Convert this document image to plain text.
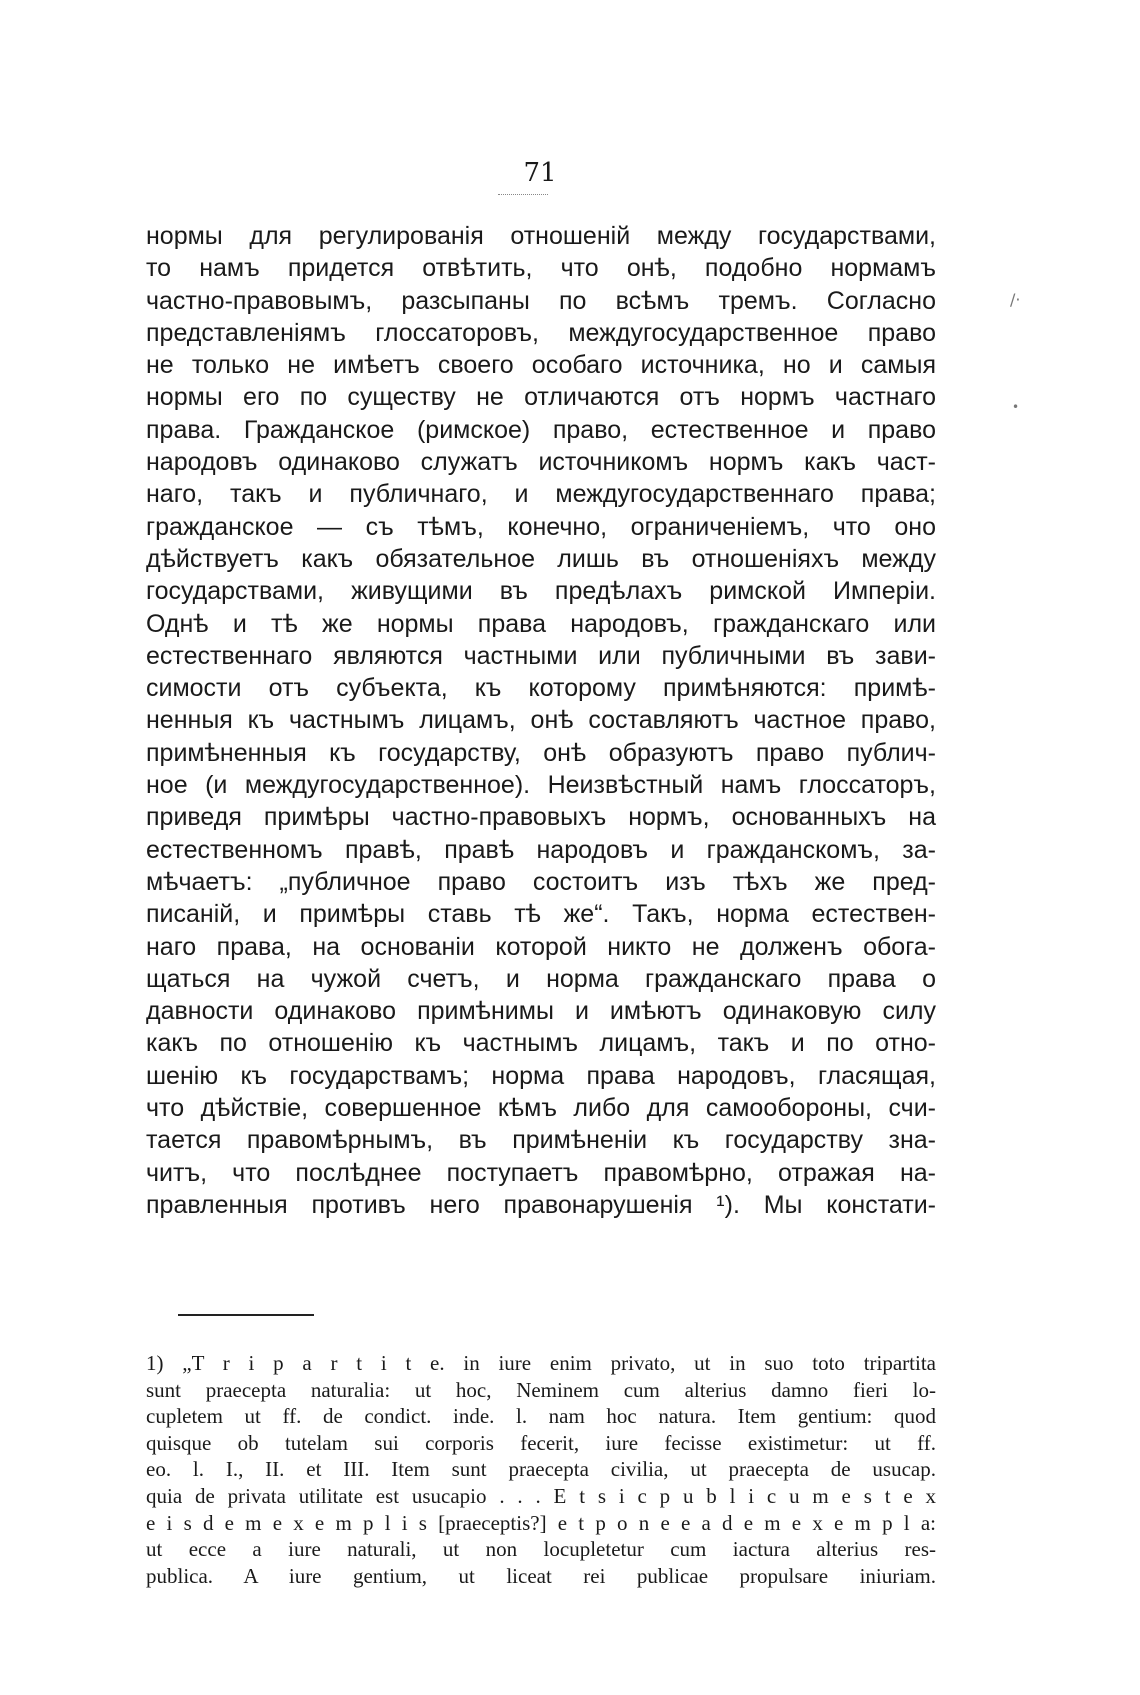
71
нормы для регулированія отношеній между государствами,
то намъ придется отвѣтить, что онѣ, подобно нормамъ
частно-правовымъ, разсыпаны по всѣмъ тремъ. Согласно
представленіямъ глоссаторовъ, междугосударственное право
не только не имѣетъ своего особаго источника, но и самыя
нормы его по существу не отличаются отъ нормъ частнаго
права. Гражданское (римское) право, естественное и право
народовъ одинаково служатъ источникомъ нормъ какъ част-
наго, такъ и публичнаго, и междугосударственнаго права;
гражданское — съ тѣмъ, конечно, ограниченіемъ, что оно
дѣйствуетъ какъ обязательное лишь въ отношеніяхъ между
государствами, живущими въ предѣлахъ римской Имперіи.
Однѣ и тѣ же нормы права народовъ, гражданскаго или
естественнаго являются частными или публичными въ зави-
симости отъ субъекта, къ которому примѣняются: примѣ-
ненныя къ частнымъ лицамъ, онѣ составляютъ частное право,
примѣненныя къ государству, онѣ образуютъ право публич-
ное (и междугосударственное). Неизвѣстный намъ глоссаторъ,
приведя примѣры частно-правовыхъ нормъ, основанныхъ на
естественномъ правѣ, правѣ народовъ и гражданскомъ, за-
мѣчаетъ: „публичное право состоитъ изъ тѣхъ же пред-
писаній, и примѣры ставь тѣ же“. Такъ, норма естествен-
наго права, на основаніи которой никто не долженъ обога-
щаться на чужой счетъ, и норма гражданскаго права о
давности одинаково примѣнимы и имѣютъ одинаковую силу
какъ по отношенію къ частнымъ лицамъ, такъ и по отно-
шенію къ государствамъ; норма права народовъ, гласящая,
что дѣйствіе, совершенное кѣмъ либо для самообороны, счи-
тается правомѣрнымъ, въ примѣненіи къ государству зна-
читъ, что послѣднее поступаетъ правомѣрно, отражая на-
правленныя противъ него правонарушенія ¹). Мы констати-
1) „T r i p a r t i t e. in iure enim privato, ut in suo toto tripartita
sunt praecepta naturalia: ut hoc, Neminem cum alterius damno fieri lo-
cupletem ut ff. de condict. inde. l. nam hoc natura. Item gentium: quod
quisque ob tutelam sui corporis fecerit, iure fecisse existimetur: ut ff.
eo. l. I., II. et III. Item sunt praecepta civilia, ut praecepta de usucap.
quia de privata utilitate est usucapio . . . E t s i c p u b l i c u m e s t e x
e i s d e m e x e m p l i s [praeceptis?] e t p o n e e a d e m e x e m p l a:
ut ecce a iure naturali, ut non locupletetur cum iactura alterius res-
publica. A iure gentium, ut liceat rei publicae propulsare iniuriam.
/·
•
